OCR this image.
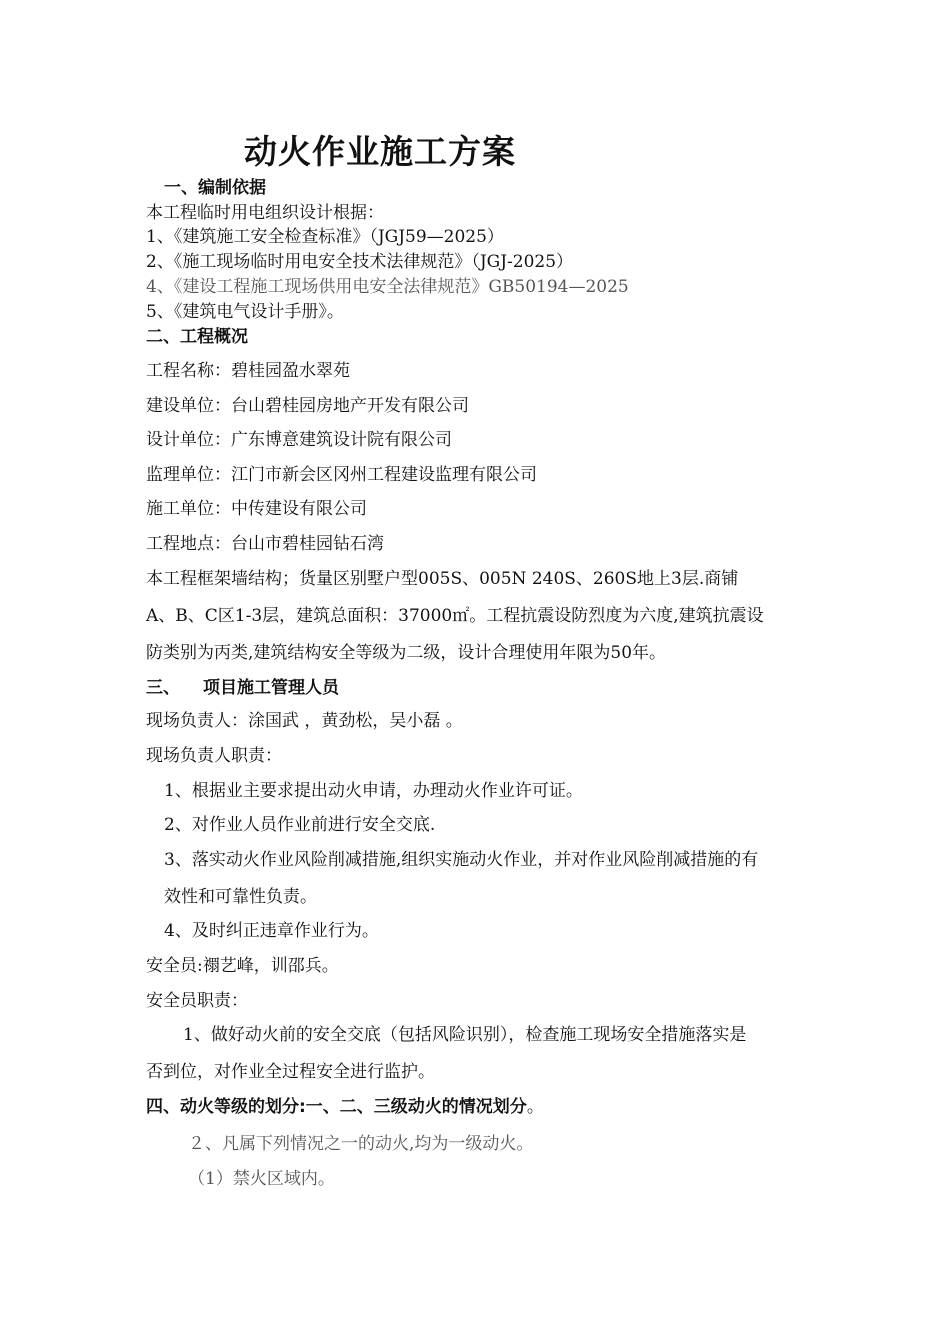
动火作业施工方案
一、编制依据
本工程临时用电组织设计根据：
1、《建筑施工安全检查标准》（JGJ59—2025）
2、《施工现场临时用电安全技术法律规范》（JGJ-2025）
4、《建设工程施工现场供用电安全法律规范》GB50194—2025
5、《建筑电气设计手册》。
二、工程概况
工程名称：碧桂园盈水翠苑
建设单位：台山碧桂园房地产开发有限公司
设计单位：广东博意建筑设计院有限公司
监理单位：江门市新会区冈州工程建设监理有限公司
施工单位：中传建设有限公司
工程地点：台山市碧桂园钻石湾
本工程框架墙结构；货量区别墅户型005S、005N 240S、260S地上3层.商铺
A、B、C区1-3层，建筑总面积：37000㎡。工程抗震设防烈度为六度,建筑抗震设
防类别为丙类,建筑结构安全等级为二级，设计合理使用年限为50年。
三、 项目施工管理人员
现场负责人：涂国武 ，黄劲松，吴小磊 。
现场负责人职责：
1、根据业主要求提出动火申请，办理动火作业许可证。
2、对作业人员作业前进行安全交底.
3、落实动火作业风险削减措施,组织实施动火作业，并对作业风险削减措施的有
效性和可靠性负责。
4、及时纠正违章作业行为。
安全员:禤艺峰，训邵兵。
安全员职责：
1、做好动火前的安全交底（包括风险识别），检查施工现场安全措施落实是
否到位，对作业全过程安全进行监护。
四、动火等级的划分:一、二、三级动火的情况划分。
２、凡属下列情况之一的动火,均为一级动火。
（1）禁火区域内。
